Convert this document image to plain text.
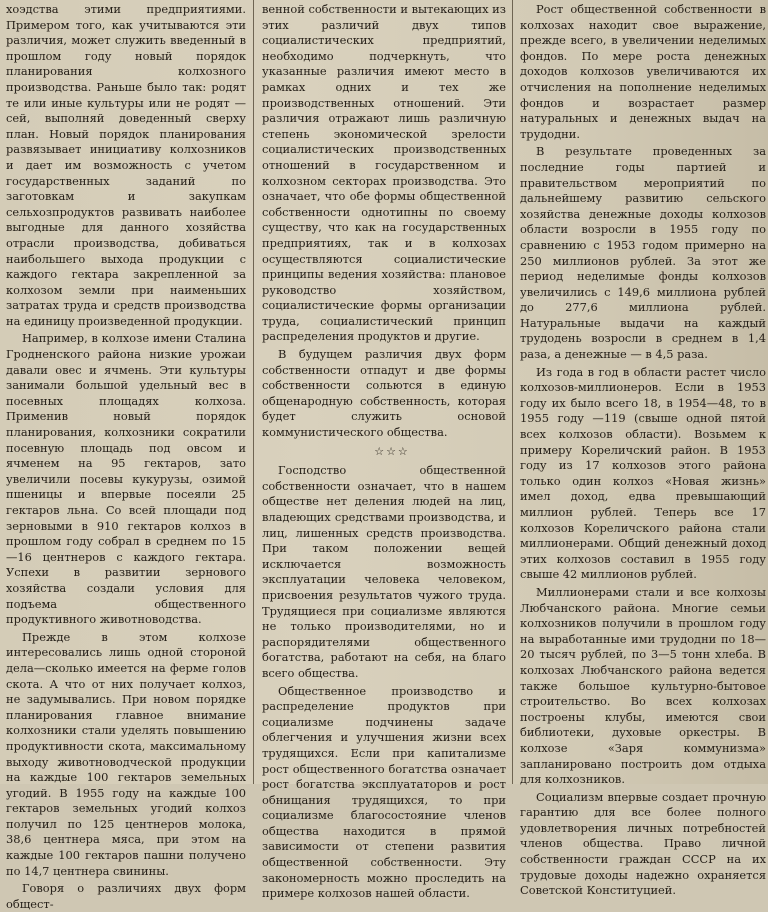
хоэдства этими предприятиями. Примером того, как учитываются эти различия, может служить введенный в прошлом году новый порядок планирования колхозного производства. Раньше было так: родят те или иные культуры или не родят — сей, выполняй доведенный сверху план. Новый порядок планирования развязывает инициативу колхозников и дает им возможность с учетом государственных заданий по заготовкам и закупкам сельхозпродуктов развивать наиболее выгодные для данного хозяйства отрасли производства, добиваться наибольшего выхода продукции с каждого гектара закрепленной за колхозом земли при наименьших затратах труда и средств производства на единицу произведенной продукции.

Например, в колхозе имени Сталина Гродненского района низкие урожаи давали овес и ячмень. Эти культуры занимали большой удельный вес в посевных площадях колхоза. Применив новый порядок планирования, колхозники сократили посевную площадь под овсом и ячменем на 95 гектаров, зато увеличили посевы кукурузы, озимой пшеницы и впервые посеяли 25 гектаров льна. Со всей площади под зерновыми в 910 гектаров колхоз в прошлом году собрал в среднем по 15—16 центнеров с каждого гектара. Успехи в развитии зернового хозяйства создали условия для подъема общественного продуктивного животноводства.

Прежде в этом колхозе интересовались лишь одной стороной дела—сколько имеется на ферме голов скота. А что от них получает колхоз, не задумывались. При новом порядке планирования главное внимание колхозники стали уделять повышению продуктивности скота, максимальному выходу животноводческой продукции на каждые 100 гектаров земельных угодий. В 1955 году на каждые 100 гектаров земельных угодий колхоз получил по 125 центнеров молока, 38,6 центнера мяса, при этом на каждые 100 гектаров пашни получено по 14,7 центнера свинины.

Говоря о различиях двух форм общест-

венной собственности и вытекающих из этих различий двух типов социалистических предприятий, необходимо подчеркнуть, что указанные различия имеют место в рамках одних и тех же производственных отношений. Эти различия отражают лишь различную степень экономической зрелости социалистических производственных отношений в государственном и колхозном секторах производства. Это означает, что обе формы общественной собственности однотипны по своему существу, что как на государственных предприятиях, так и в колхозах осуществляются социалистические принципы ведения хозяйства: плановое руководство хозяйством, социалистические формы организации труда, социалистический принцип распределения продуктов и другие.

В будущем различия двух форм собственности отпадут и две формы собственности сольются в единую общенародную собственность, которая будет служить основой коммунистического общества.

☆☆☆

Господство общественной собственности означает, что в нашем обществе нет деления людей на лиц, владеющих средствами производства, и лиц, лишенных средств производства. При таком положении вещей исключается возможность эксплуатации человека человеком, присвоения результатов чужого труда. Трудящиеся при социализме являются не только производителями, но и распорядителями общественного богатства, работают на себя, на благо всего общества.

Общественное производство и распределение продуктов при социализме подчинены задаче облегчения и улучшения жизни всех трудящихся. Если при капитализме рост общественного богатства означает рост богатства эксплуататоров и рост обнищания трудящихся, то при социализме благосостояние членов общества находится в прямой зависимости от степени развития общественной собственности. Эту закономерность можно проследить на примере колхозов нашей области.

Рост общественной собственности в колхозах находит свое выражение, прежде всего, в увеличении неделимых фондов. По мере роста денежных доходов колхозов увеличиваются их отчисления на пополнение неделимых фондов и возрастает размер натуральных и денежных выдач на трудодни.

В результате проведенных за последние годы партией и правительством мероприятий по дальнейшему развитию сельского хозяйства денежные доходы колхозов области возросли в 1955 году по сравнению с 1953 годом примерно на 250 миллионов рублей. За этот же период неделимые фонды колхозов увеличились с 149,6 миллиона рублей до 277,6 миллиона рублей. Натуральные выдачи на каждый трудодень возросли в среднем в 1,4 раза, а денежные — в 4,5 раза.

Из года в год в области растет число колхозов-миллионеров. Если в 1953 году их было всего 18, в 1954—48, то в 1955 году —119 (свыше одной пятой всех колхозов области). Возьмем к примеру Кореличский район. В 1953 году из 17 колхозов этого района только один колхоз «Новая жизнь» имел доход, едва превышающий миллион рублей. Теперь все 17 колхозов Кореличского района стали миллионерами. Общий денежный доход этих колхозов составил в 1955 году свыше 42 миллионов рублей.

Миллионерами стали и все колхозы Любчанского района. Многие семьи колхозников получили в прошлом году на выработанные ими трудодни по 18—20 тысяч рублей, по 3—5 тонн хлеба. В колхозах Любчанского района ведется также большое культурно-бытовое строительство. Во всех колхозах построены клубы, имеются свои библиотеки, духовые оркестры. В колхозе «Заря коммунизма» запланировано построить дом отдыха для колхозников.

Социализм впервые создает прочную гарантию для все более полного удовлетворения личных потребностей членов общества. Право личной собственности граждан СССР на их трудовые доходы надежно охраняется Советской Конституцией.
